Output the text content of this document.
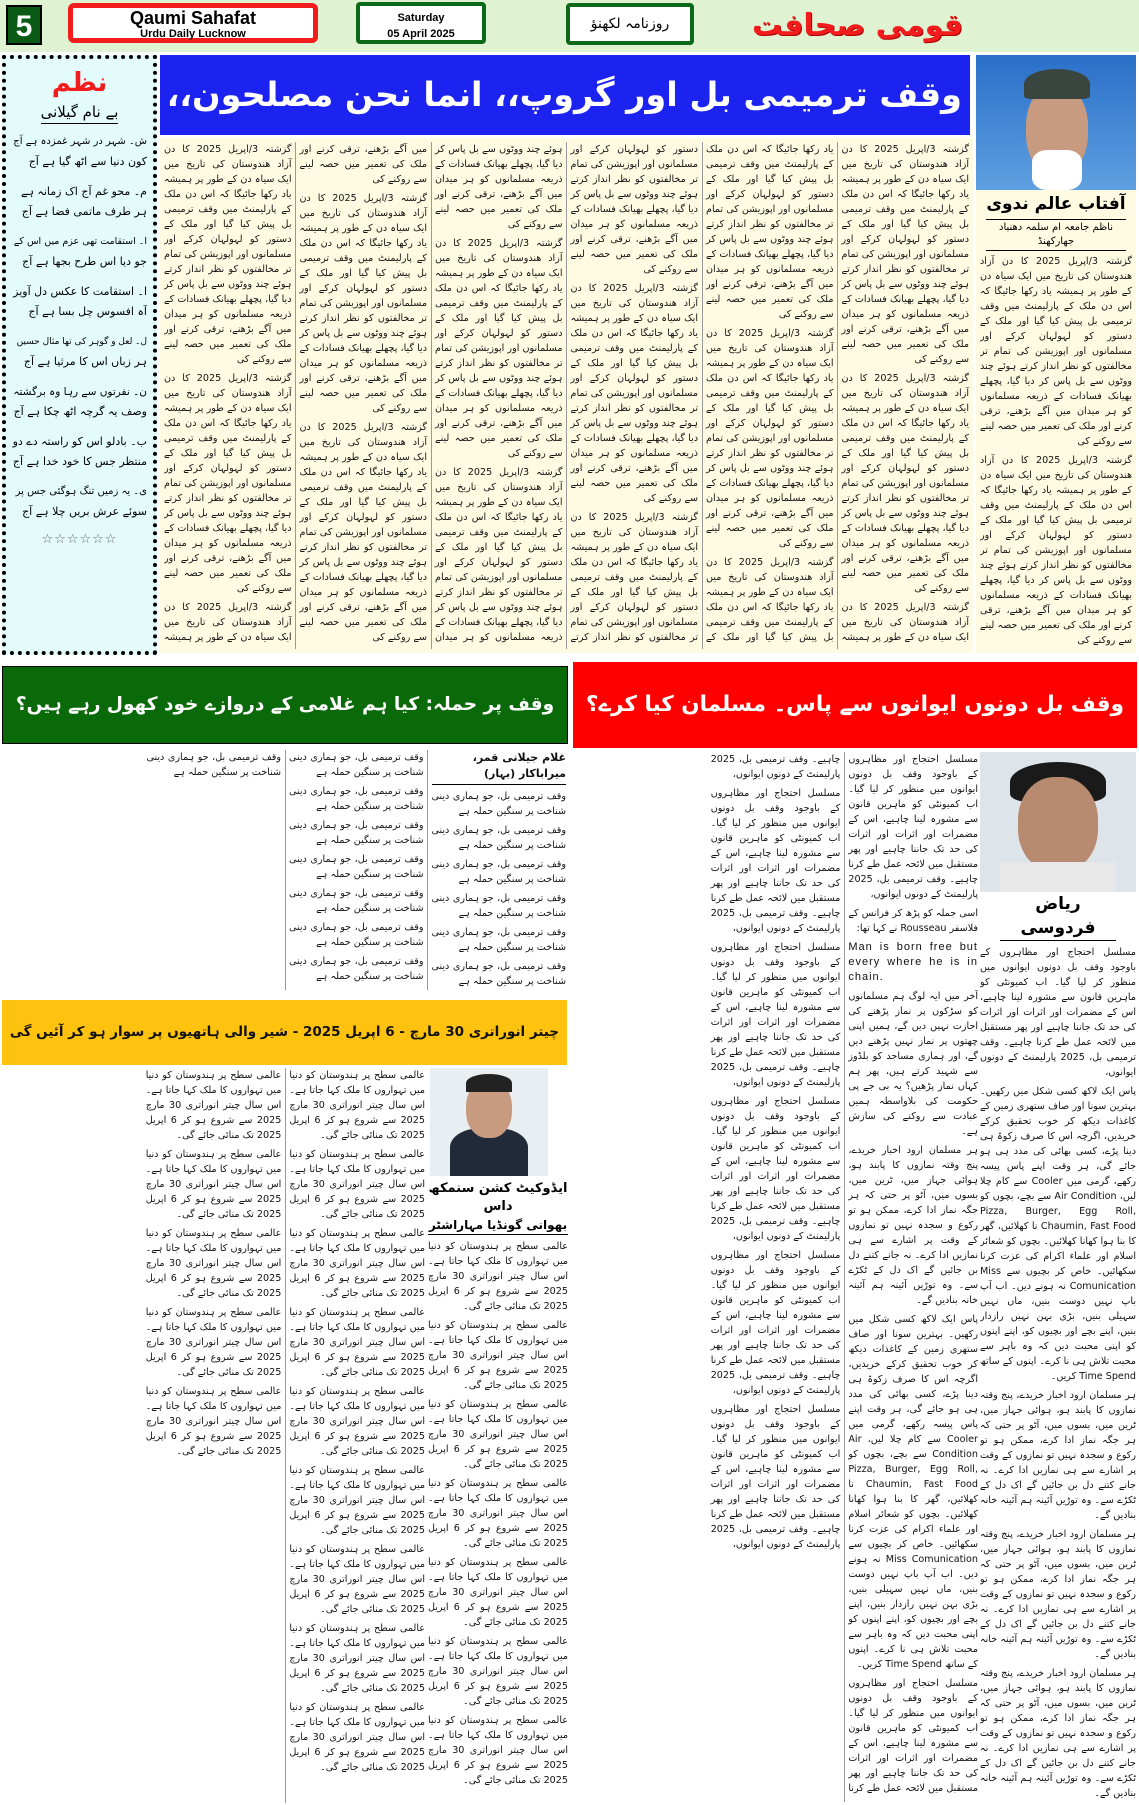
5	Qaumi Sahafat
Urdu Daily Lucknow
Saturday
05 April 2025
روزنامہ لکھنؤ	قومی صحافت
نظم
بے نام گیلانی
ش۔ شہر در شہر غمزدہ ہے آج
کون دنیا سے اٹھ گیا ہے آج
م۔ محو غم آج اک زمانہ ہے
ہر طرف ماتمی فضا ہے آج
ا۔ استقامت تھی عزم میں اس کے
جو دیا اس طرح بجھا ہے آج
ا۔ استقامت کا عکس دل آویز
آہ افسوس چل بسا ہے آج
ل۔ لعل و گوہر کی تھا مثال حسیں
ہر زباں اس کا مرثیا ہے آج
ن۔ نفرتوں سے رہا وہ برگشتہ
وصف یہ گرچہ اٹھ چکا ہے آج
ب۔ بادلو اس کو راستہ دے دو
منتظر جس کا خود خدا ہے آج
ی۔ یہ زمیں تنگ ہوگئی جس پر
سوئے عرش بریں چلا ہے آج
☆☆☆☆☆☆
وقف ترمیمی بل اور گروپ،، انما نحن مصلحون،،
آفتاب عالم ندوی
ناظم جامعہ ام سلمہ دھنباد جھارکھنڈ

گزشتہ 3/اپریل 2025 کا دن آزاد ھندوستان کی تاریخ میں ایک سیاہ دن کے طور پر ہمیشہ یاد رکھا جائیگا کہ اس دن ملک کے پارلیمنٹ میں وقف ترمیمی بل پیش کیا گیا اور ملک کے دستور کو لہولہان کرکے اور مسلمانوں اور اپوزیشن کی تمام تر مخالفتوں کو نظر انداز کرتے ہوئے چند ووٹوں سے بل پاس کر دیا گیا، پچھلے بھیانک فسادات کے ذریعہ مسلمانوں کو ہر میدان میں آگے بڑھنے، ترقی کرنے اور ملک کی تعمیر میں حصہ لینے سے روکنے کی

گزشتہ 3/اپریل 2025 کا دن آزاد ھندوستان کی تاریخ میں ایک سیاہ دن کے طور پر ہمیشہ یاد رکھا جائیگا کہ اس دن ملک کے پارلیمنٹ میں وقف ترمیمی بل پیش کیا گیا اور ملک کے دستور کو لہولہان کرکے اور مسلمانوں اور اپوزیشن کی تمام تر مخالفتوں کو نظر انداز کرتے ہوئے چند ووٹوں سے بل پاس کر دیا گیا، پچھلے بھیانک فسادات کے ذریعہ مسلمانوں کو ہر میدان میں آگے بڑھنے، ترقی کرنے اور ملک کی تعمیر میں حصہ لینے سے روکنے کی

گزشتہ 3/اپریل 2025 کا دن آزاد ھندوستان کی تاریخ میں ایک سیاہ دن کے طور پر ہمیشہ یاد رکھا جائیگا کہ اس دن ملک کے پارلیمنٹ میں وقف ترمیمی بل پیش کیا گیا اور ملک کے دستور کو لہولہان کرکے اور مسلمانوں اور اپوزیشن کی تمام تر مخالفتوں کو نظر انداز کرتے ہوئے چند ووٹوں سے بل پاس کر دیا گیا، پچھلے بھیانک فسادات کے ذریعہ مسلمانوں کو ہر میدان میں آگے بڑھنے، ترقی کرنے اور ملک کی تعمیر میں حصہ لینے سے روکنے کی

گزشتہ 3/اپریل 2025 کا دن آزاد ھندوستان کی تاریخ میں ایک سیاہ دن کے طور پر ہمیشہ یاد رکھا جائیگا کہ اس دن ملک کے پارلیمنٹ میں وقف ترمیمی بل پیش کیا گیا اور ملک کے دستور کو لہولہان کرکے اور مسلمانوں اور اپوزیشن کی تمام تر مخالفتوں کو نظر انداز کرتے ہوئے چند ووٹوں سے بل پاس کر دیا گیا، پچھلے بھیانک فسادات کے ذریعہ مسلمانوں کو ہر میدان میں آگے بڑھنے، ترقی کرنے اور ملک کی تعمیر میں حصہ لینے سے روکنے کی

گزشتہ 3/اپریل 2025 کا دن آزاد ھندوستان کی تاریخ میں ایک سیاہ دن کے طور پر ہمیشہ یاد رکھا جائیگا کہ اس دن ملک کے پارلیمنٹ میں وقف ترمیمی بل پیش کیا گیا اور ملک کے دستور کو لہولہان کرکے اور مسلمانوں اور اپوزیشن کی تمام تر مخالفتوں کو نظر انداز کرتے ہوئے چند ووٹوں سے بل پاس کر دیا گیا، پچھلے بھیانک فسادات کے ذریعہ مسلمانوں کو ہر میدان میں آگے بڑھنے، ترقی کرنے اور ملک کی تعمیر میں حصہ لینے سے روکنے کی

گزشتہ 3/اپریل 2025 کا دن آزاد ھندوستان کی تاریخ میں ایک سیاہ دن کے طور پر ہمیشہ یاد رکھا جائیگا کہ اس دن ملک کے پارلیمنٹ میں وقف ترمیمی بل پیش کیا گیا اور ملک کے دستور کو لہولہان کرکے اور مسلمانوں اور اپوزیشن کی تمام تر مخالفتوں کو نظر انداز کرتے ہوئے چند ووٹوں سے بل پاس کر دیا گیا، پچھلے بھیانک فسادات کے ذریعہ مسلمانوں کو ہر میدان میں آگے بڑھنے، ترقی کرنے اور ملک کی تعمیر میں حصہ لینے سے روکنے کی

گزشتہ 3/اپریل 2025 کا دن آزاد ھندوستان کی تاریخ میں ایک سیاہ دن کے طور پر ہمیشہ یاد رکھا جائیگا کہ اس دن ملک کے پارلیمنٹ میں وقف ترمیمی بل پیش کیا گیا اور ملک کے دستور کو لہولہان کرکے اور مسلمانوں اور اپوزیشن کی تمام تر مخالفتوں کو نظر انداز کرتے ہوئے چند ووٹوں سے بل پاس کر دیا گیا، پچھلے بھیانک فسادات کے ذریعہ مسلمانوں کو ہر میدان میں آگے بڑھنے، ترقی کرنے اور ملک کی تعمیر میں حصہ لینے سے روکنے کی

گزشتہ 3/اپریل 2025 کا دن آزاد ھندوستان کی تاریخ میں ایک سیاہ دن کے طور پر ہمیشہ یاد رکھا جائیگا کہ اس دن ملک کے پارلیمنٹ میں وقف ترمیمی بل پیش کیا گیا اور ملک کے دستور کو لہولہان کرکے اور مسلمانوں اور اپوزیشن کی تمام تر مخالفتوں کو نظر انداز کرتے ہوئے چند ووٹوں سے بل پاس کر دیا گیا، پچھلے بھیانک فسادات کے ذریعہ مسلمانوں کو ہر میدان میں آگے بڑھنے، ترقی کرنے اور ملک کی تعمیر میں حصہ لینے سے روکنے کی

گزشتہ 3/اپریل 2025 کا دن آزاد ھندوستان کی تاریخ میں ایک سیاہ دن کے طور پر ہمیشہ یاد رکھا جائیگا کہ اس دن ملک کے پارلیمنٹ میں وقف ترمیمی بل پیش کیا گیا اور ملک کے دستور کو لہولہان کرکے اور مسلمانوں اور اپوزیشن کی تمام تر مخالفتوں کو نظر انداز کرتے ہوئے چند ووٹوں سے بل پاس کر دیا گیا، پچھلے بھیانک فسادات کے ذریعہ مسلمانوں کو ہر میدان میں آگے بڑھنے، ترقی کرنے اور ملک کی تعمیر میں حصہ لینے سے روکنے کی

گزشتہ 3/اپریل 2025 کا دن آزاد ھندوستان کی تاریخ میں ایک سیاہ دن کے طور پر ہمیشہ یاد رکھا جائیگا کہ اس دن ملک کے پارلیمنٹ میں وقف ترمیمی بل پیش کیا گیا اور ملک کے دستور کو لہولہان کرکے اور مسلمانوں اور اپوزیشن کی تمام تر مخالفتوں کو نظر انداز کرتے ہوئے چند ووٹوں سے بل پاس کر دیا گیا، پچھلے بھیانک فسادات کے ذریعہ مسلمانوں کو ہر میدان میں آگے بڑھنے، ترقی کرنے اور ملک کی تعمیر میں حصہ لینے سے روکنے کی

گزشتہ 3/اپریل 2025 کا دن آزاد ھندوستان کی تاریخ میں ایک سیاہ دن کے طور پر ہمیشہ یاد رکھا جائیگا کہ اس دن ملک کے پارلیمنٹ میں وقف ترمیمی بل پیش کیا گیا اور ملک کے دستور کو لہولہان کرکے اور مسلمانوں اور اپوزیشن کی تمام تر مخالفتوں کو نظر انداز کرتے ہوئے چند ووٹوں سے بل پاس کر دیا گیا، پچھلے بھیانک فسادات کے ذریعہ مسلمانوں کو ہر میدان میں آگے بڑھنے، ترقی کرنے اور ملک کی تعمیر میں حصہ لینے سے روکنے کی

گزشتہ 3/اپریل 2025 کا دن آزاد ھندوستان کی تاریخ میں ایک سیاہ دن کے طور پر ہمیشہ یاد رکھا جائیگا کہ اس دن ملک کے پارلیمنٹ میں وقف ترمیمی بل پیش کیا گیا اور ملک کے دستور کو لہولہان کرکے اور مسلمانوں اور اپوزیشن کی تمام تر مخالفتوں کو نظر انداز کرتے ہوئے چند ووٹوں سے بل پاس کر دیا گیا، پچھلے بھیانک فسادات کے ذریعہ مسلمانوں کو ہر میدان میں آگے بڑھنے، ترقی کرنے اور ملک کی تعمیر میں حصہ لینے سے روکنے کی

گزشتہ 3/اپریل 2025 کا دن آزاد ھندوستان کی تاریخ میں ایک سیاہ دن کے طور پر ہمیشہ یاد رکھا جائیگا کہ اس دن ملک کے پارلیمنٹ میں وقف ترمیمی بل پیش کیا گیا اور ملک کے دستور کو لہولہان کرکے اور مسلمانوں اور اپوزیشن کی تمام تر مخالفتوں کو نظر انداز کرتے ہوئے چند ووٹوں سے بل پاس کر دیا گیا، پچھلے بھیانک فسادات کے ذریعہ مسلمانوں کو ہر میدان میں آگے بڑھنے، ترقی کرنے اور ملک کی تعمیر میں حصہ لینے سے روکنے کی

گزشتہ 3/اپریل 2025 کا دن آزاد ھندوستان کی تاریخ میں ایک سیاہ دن کے طور پر ہمیشہ یاد رکھا جائیگا کہ اس دن ملک کے پارلیمنٹ میں وقف ترمیمی بل پیش کیا گیا اور ملک کے دستور کو لہولہان کرکے اور مسلمانوں اور اپوزیشن کی تمام تر مخالفتوں کو نظر انداز کرتے ہوئے چند ووٹوں سے بل پاس کر دیا گیا، پچھلے بھیانک فسادات کے ذریعہ مسلمانوں کو ہر میدان میں آگے بڑھنے، ترقی کرنے اور ملک کی تعمیر میں حصہ لینے سے روکنے کی

گزشتہ 3/اپریل 2025 کا دن آزاد ھندوستان کی تاریخ میں ایک سیاہ دن کے طور پر ہمیشہ یاد رکھا جائیگا کہ اس دن ملک کے پارلیمنٹ میں وقف ترمیمی بل پیش کیا گیا اور ملک کے دستور کو لہولہان کرکے اور مسلمانوں اور اپوزیشن کی تمام تر مخالفتوں کو نظر انداز کرتے ہوئے چند ووٹوں سے بل پاس کر دیا گیا، پچھلے بھیانک فسادات کے ذریعہ مسلمانوں کو ہر میدان میں آگے بڑھنے، ترقی کرنے اور ملک کی تعمیر میں حصہ لینے سے روکنے کی

گزشتہ 3/اپریل 2025 کا دن آزاد ھندوستان کی تاریخ میں ایک سیاہ دن کے طور پر ہمیشہ

وقف پر حملہ: کیا ہم غلامی کے دروازے خود کھول رہے ہیں؟	وقف بل دونوں ایوانوں سے پاس۔ مسلمان کیا کرے؟
غلام جیلانی قمر، میراباکار (بہار)

وقف ترمیمی بل، جو ہماری دینی شناخت پر سنگین حملہ ہے

وقف ترمیمی بل، جو ہماری دینی شناخت پر سنگین حملہ ہے

وقف ترمیمی بل، جو ہماری دینی شناخت پر سنگین حملہ ہے

وقف ترمیمی بل، جو ہماری دینی شناخت پر سنگین حملہ ہے

وقف ترمیمی بل، جو ہماری دینی شناخت پر سنگین حملہ ہے

وقف ترمیمی بل، جو ہماری دینی شناخت پر سنگین حملہ ہے

وقف ترمیمی بل، جو ہماری دینی شناخت پر سنگین حملہ ہے

وقف ترمیمی بل، جو ہماری دینی شناخت پر سنگین حملہ ہے

وقف ترمیمی بل، جو ہماری دینی شناخت پر سنگین حملہ ہے

وقف ترمیمی بل، جو ہماری دینی شناخت پر سنگین حملہ ہے

وقف ترمیمی بل، جو ہماری دینی شناخت پر سنگین حملہ ہے

وقف ترمیمی بل، جو ہماری دینی شناخت پر سنگین حملہ ہے

وقف ترمیمی بل، جو ہماری دینی شناخت پر سنگین حملہ ہے

وقف ترمیمی بل، جو ہماری دینی شناخت پر سنگین حملہ ہے

مسلسل احتجاج اور مظاہروں کے باوجود وقف بل دونوں ایوانوں میں منظور کر لیا گیا۔ اب کمیونٹی کو ماہرین قانون سے مشورہ لینا چاہیے، اس کے مضمرات اور اثرات اور اثرات کی حد تک جاننا چاہیے اور پھر مستقبل میں لائحہ عمل طے کرنا چاہیے۔ وقف ترمیمی بل، 2025 پارلیمنٹ کے دونوں ایوانوں،

اسی جملہ کو پڑھ کر فرانس کے فلاسفر Rousseau نے کہا تھا:

Man is born free but every where he is in chain.

آخر میں ایہ لوگ ہم مسلمانوں کو سڑکوں پر نماز پڑھنے کی اجازت نہیں دیں گے، ہمیں اپنی چھتوں پر نماز نہیں پڑھنے دیں گے، اور ہماری مساجد کو بلڈوز سے شہید کرتے ہیں، پھر ہم کہاں نماز پڑھیں؟ یہ بی جے پی حکومت کی بلاواسطہ ہمیں عبادت سے روکنے کی سازش ہے۔

ہر مسلمان ارود اخبار خریدے، پنج وقتہ نمازوں کا پابند ہو، ہوائی جہاز میں، ٹرین میں، بسوں میں، آٹو پر حتی کہ ہر جگہ نماز ادا کرے، ممکن ہو تو رکوع و سجدہ نہیں تو نمازوں کے وقت پر اشارے سے ہی نمازیں ادا کرے۔ نہ جانے کتنے دل بن جائیں گے اک دل کے ٹکڑے سے۔ وہ توڑیں آئینہ ہم آئینہ خانہ بنادیں گے۔

پاس ایک لاکھ کسی شکل میں رکھیں۔ بہترین سونا اور صاف ستھری زمین کے کاغذات دیکھ کر خوب تحقیق کرکے خریدیں، اگرچہ اس کا صرف زکوۃ ہی دینا پڑے، کسی بھائی کی مدد ہی ہو جائے گی، ہر وقت اپنے پاس پیسہ رکھے، گرمی میں Cooler سے کام چلا لیں، Air Condition سے بچے، بچوں کو Pizza, Burger, Egg Roll, Chaumin, Fast Food نا کھلائیں، گھر کا بنا ہوا کھانا کھلائیں۔ بچوں کو شعائر اسلام اور علماء اکرام کی عزت کرنا سکھائیں۔ خاص کر بچیوں سے Miss Comunication نہ ہونے دیں۔ اب آپ باپ نہیں دوست بنیں، ماں نہیں سہیلی بنیں، بڑی بہن نہیں رازدار بنیں، اپنے بچے اور بچیوں کو، اپنے اپنوں کو اپنی محبت دیں کہ وہ باہر سے محبت تلاش ہی نا کرے۔ اپنوں کے ساتھ Time Spend کریں۔

مسلسل احتجاج اور مظاہروں کے باوجود وقف بل دونوں ایوانوں میں منظور کر لیا گیا۔ اب کمیونٹی کو ماہرین قانون سے مشورہ لینا چاہیے، اس کے مضمرات اور اثرات اور اثرات کی حد تک جاننا چاہیے اور پھر مستقبل میں لائحہ عمل طے کرنا چاہیے۔ وقف ترمیمی بل، 2025 پارلیمنٹ کے دونوں ایوانوں،

مسلسل احتجاج اور مظاہروں کے باوجود وقف بل دونوں ایوانوں میں منظور کر لیا گیا۔ اب کمیونٹی کو ماہرین قانون سے مشورہ لینا چاہیے، اس کے مضمرات اور اثرات اور اثرات کی حد تک جاننا چاہیے اور پھر مستقبل میں لائحہ عمل طے کرنا چاہیے۔ وقف ترمیمی بل، 2025 پارلیمنٹ کے دونوں ایوانوں،

مسلسل احتجاج اور مظاہروں کے باوجود وقف بل دونوں ایوانوں میں منظور کر لیا گیا۔ اب کمیونٹی کو ماہرین قانون سے مشورہ لینا چاہیے، اس کے مضمرات اور اثرات اور اثرات کی حد تک جاننا چاہیے اور پھر مستقبل میں لائحہ عمل طے کرنا چاہیے۔ وقف ترمیمی بل، 2025 پارلیمنٹ کے دونوں ایوانوں،

مسلسل احتجاج اور مظاہروں کے باوجود وقف بل دونوں ایوانوں میں منظور کر لیا گیا۔ اب کمیونٹی کو ماہرین قانون سے مشورہ لینا چاہیے، اس کے مضمرات اور اثرات اور اثرات کی حد تک جاننا چاہیے اور پھر مستقبل میں لائحہ عمل طے کرنا چاہیے۔ وقف ترمیمی بل، 2025 پارلیمنٹ کے دونوں ایوانوں،

مسلسل احتجاج اور مظاہروں کے باوجود وقف بل دونوں ایوانوں میں منظور کر لیا گیا۔ اب کمیونٹی کو ماہرین قانون سے مشورہ لینا چاہیے، اس کے مضمرات اور اثرات اور اثرات کی حد تک جاننا چاہیے اور پھر مستقبل میں لائحہ عمل طے کرنا چاہیے۔ وقف ترمیمی بل، 2025 پارلیمنٹ کے دونوں ایوانوں،

مسلسل احتجاج اور مظاہروں کے باوجود وقف بل دونوں ایوانوں میں منظور کر لیا گیا۔ اب کمیونٹی کو ماہرین قانون سے مشورہ لینا چاہیے، اس کے مضمرات اور اثرات اور اثرات کی حد تک جاننا چاہیے اور پھر مستقبل میں لائحہ عمل طے کرنا چاہیے۔ وقف ترمیمی بل، 2025 پارلیمنٹ کے دونوں ایوانوں،

ریاض فردوسی

مسلسل احتجاج اور مظاہروں کے باوجود وقف بل دونوں ایوانوں میں منظور کر لیا گیا۔ اب کمیونٹی کو ماہرین قانون سے مشورہ لینا چاہیے، اس کے مضمرات اور اثرات اور اثرات کی حد تک جاننا چاہیے اور پھر مستقبل میں لائحہ عمل طے کرنا چاہیے۔ وقف ترمیمی بل، 2025 پارلیمنٹ کے دونوں ایوانوں،

پاس ایک لاکھ کسی شکل میں رکھیں۔ بہترین سونا اور صاف ستھری زمین کے کاغذات دیکھ کر خوب تحقیق کرکے خریدیں، اگرچہ اس کا صرف زکوۃ ہی دینا پڑے، کسی بھائی کی مدد ہی ہو جائے گی، ہر وقت اپنے پاس پیسہ رکھے، گرمی میں Cooler سے کام چلا لیں، Air Condition سے بچے، بچوں کو Pizza, Burger, Egg Roll, Chaumin, Fast Food نا کھلائیں، گھر کا بنا ہوا کھانا کھلائیں۔ بچوں کو شعائر اسلام اور علماء اکرام کی عزت کرنا سکھائیں۔ خاص کر بچیوں سے Miss Comunication نہ ہونے دیں۔ اب آپ باپ نہیں دوست بنیں، ماں نہیں سہیلی بنیں، بڑی بہن نہیں رازدار بنیں، اپنے بچے اور بچیوں کو، اپنے اپنوں کو اپنی محبت دیں کہ وہ باہر سے محبت تلاش ہی نا کرے۔ اپنوں کے ساتھ Time Spend کریں۔

ہر مسلمان ارود اخبار خریدے، پنج وقتہ نمازوں کا پابند ہو، ہوائی جہاز میں، ٹرین میں، بسوں میں، آٹو پر حتی کہ ہر جگہ نماز ادا کرے، ممکن ہو تو رکوع و سجدہ نہیں تو نمازوں کے وقت پر اشارے سے ہی نمازیں ادا کرے۔ نہ جانے کتنے دل بن جائیں گے اک دل کے ٹکڑے سے۔ وہ توڑیں آئینہ ہم آئینہ خانہ بنادیں گے۔

ہر مسلمان ارود اخبار خریدے، پنج وقتہ نمازوں کا پابند ہو، ہوائی جہاز میں، ٹرین میں، بسوں میں، آٹو پر حتی کہ ہر جگہ نماز ادا کرے، ممکن ہو تو رکوع و سجدہ نہیں تو نمازوں کے وقت پر اشارے سے ہی نمازیں ادا کرے۔ نہ جانے کتنے دل بن جائیں گے اک دل کے ٹکڑے سے۔ وہ توڑیں آئینہ ہم آئینہ خانہ بنادیں گے۔

ہر مسلمان ارود اخبار خریدے، پنج وقتہ نمازوں کا پابند ہو، ہوائی جہاز میں، ٹرین میں، بسوں میں، آٹو پر حتی کہ ہر جگہ نماز ادا کرے، ممکن ہو تو رکوع و سجدہ نہیں تو نمازوں کے وقت پر اشارے سے ہی نمازیں ادا کرے۔ نہ جانے کتنے دل بن جائیں گے اک دل کے ٹکڑے سے۔ وہ توڑیں آئینہ ہم آئینہ خانہ بنادیں گے۔

چیتر انوراتری 30 مارچ - 6 اپریل 2025 - شیر والی ہاتھیوں پر سوار ہو کر آئیں گی

عالمی سطح پر ہندوستان کو دنیا میں تہواروں کا ملک کہا جاتا ہے۔ اس سال چیتر انوراتری 30 مارچ 2025 سے شروع ہو کر 6 اپریل 2025 تک منائی جائے گی۔

عالمی سطح پر ہندوستان کو دنیا میں تہواروں کا ملک کہا جاتا ہے۔ اس سال چیتر انوراتری 30 مارچ 2025 سے شروع ہو کر 6 اپریل 2025 تک منائی جائے گی۔

عالمی سطح پر ہندوستان کو دنیا میں تہواروں کا ملک کہا جاتا ہے۔ اس سال چیتر انوراتری 30 مارچ 2025 سے شروع ہو کر 6 اپریل 2025 تک منائی جائے گی۔

عالمی سطح پر ہندوستان کو دنیا میں تہواروں کا ملک کہا جاتا ہے۔ اس سال چیتر انوراتری 30 مارچ 2025 سے شروع ہو کر 6 اپریل 2025 تک منائی جائے گی۔

عالمی سطح پر ہندوستان کو دنیا میں تہواروں کا ملک کہا جاتا ہے۔ اس سال چیتر انوراتری 30 مارچ 2025 سے شروع ہو کر 6 اپریل 2025 تک منائی جائے گی۔

عالمی سطح پر ہندوستان کو دنیا میں تہواروں کا ملک کہا جاتا ہے۔ اس سال چیتر انوراتری 30 مارچ 2025 سے شروع ہو کر 6 اپریل 2025 تک منائی جائے گی۔

عالمی سطح پر ہندوستان کو دنیا میں تہواروں کا ملک کہا جاتا ہے۔ اس سال چیتر انوراتری 30 مارچ 2025 سے شروع ہو کر 6 اپریل 2025 تک منائی جائے گی۔

عالمی سطح پر ہندوستان کو دنیا میں تہواروں کا ملک کہا جاتا ہے۔ اس سال چیتر انوراتری 30 مارچ 2025 سے شروع ہو کر 6 اپریل 2025 تک منائی جائے گی۔

عالمی سطح پر ہندوستان کو دنیا میں تہواروں کا ملک کہا جاتا ہے۔ اس سال چیتر انوراتری 30 مارچ 2025 سے شروع ہو کر 6 اپریل 2025 تک منائی جائے گی۔

عالمی سطح پر ہندوستان کو دنیا میں تہواروں کا ملک کہا جاتا ہے۔ اس سال چیتر انوراتری 30 مارچ 2025 سے شروع ہو کر 6 اپریل 2025 تک منائی جائے گی۔

عالمی سطح پر ہندوستان کو دنیا میں تہواروں کا ملک کہا جاتا ہے۔ اس سال چیتر انوراتری 30 مارچ 2025 سے شروع ہو کر 6 اپریل 2025 تک منائی جائے گی۔

عالمی سطح پر ہندوستان کو دنیا میں تہواروں کا ملک کہا جاتا ہے۔ اس سال چیتر انوراتری 30 مارچ 2025 سے شروع ہو کر 6 اپریل 2025 تک منائی جائے گی۔

عالمی سطح پر ہندوستان کو دنیا میں تہواروں کا ملک کہا جاتا ہے۔ اس سال چیتر انوراتری 30 مارچ 2025 سے شروع ہو کر 6 اپریل 2025 تک منائی جائے گی۔

عالمی سطح پر ہندوستان کو دنیا میں تہواروں کا ملک کہا جاتا ہے۔ اس سال چیتر انوراتری 30 مارچ 2025 سے شروع ہو کر 6 اپریل 2025 تک منائی جائے گی۔

ایڈوکیٹ کشن سنمکھ داس
بھوانی گونڈیا مہاراشٹر

عالمی سطح پر ہندوستان کو دنیا میں تہواروں کا ملک کہا جاتا ہے۔ اس سال چیتر انوراتری 30 مارچ 2025 سے شروع ہو کر 6 اپریل 2025 تک منائی جائے گی۔

عالمی سطح پر ہندوستان کو دنیا میں تہواروں کا ملک کہا جاتا ہے۔ اس سال چیتر انوراتری 30 مارچ 2025 سے شروع ہو کر 6 اپریل 2025 تک منائی جائے گی۔

عالمی سطح پر ہندوستان کو دنیا میں تہواروں کا ملک کہا جاتا ہے۔ اس سال چیتر انوراتری 30 مارچ 2025 سے شروع ہو کر 6 اپریل 2025 تک منائی جائے گی۔

عالمی سطح پر ہندوستان کو دنیا میں تہواروں کا ملک کہا جاتا ہے۔ اس سال چیتر انوراتری 30 مارچ 2025 سے شروع ہو کر 6 اپریل 2025 تک منائی جائے گی۔

عالمی سطح پر ہندوستان کو دنیا میں تہواروں کا ملک کہا جاتا ہے۔ اس سال چیتر انوراتری 30 مارچ 2025 سے شروع ہو کر 6 اپریل 2025 تک منائی جائے گی۔

عالمی سطح پر ہندوستان کو دنیا میں تہواروں کا ملک کہا جاتا ہے۔ اس سال چیتر انوراتری 30 مارچ 2025 سے شروع ہو کر 6 اپریل 2025 تک منائی جائے گی۔

عالمی سطح پر ہندوستان کو دنیا میں تہواروں کا ملک کہا جاتا ہے۔ اس سال چیتر انوراتری 30 مارچ 2025 سے شروع ہو کر 6 اپریل 2025 تک منائی جائے گی۔
